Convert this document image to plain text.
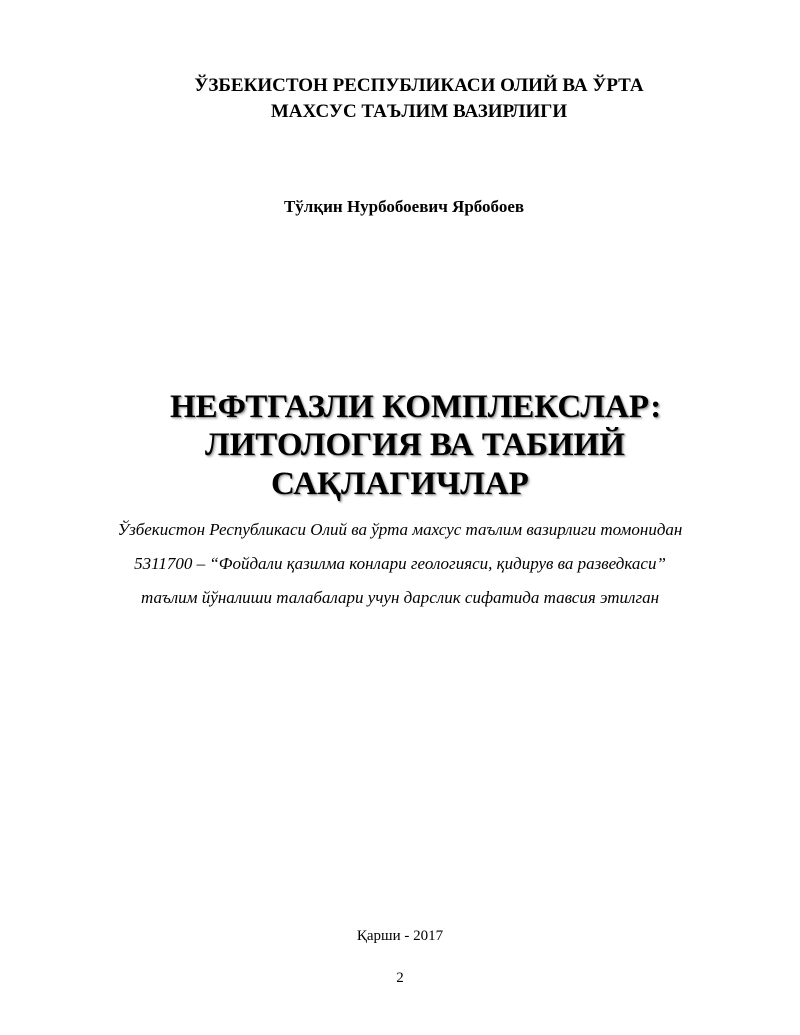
ЎЗБЕКИСТОН РЕСПУБЛИКАСИ ОЛИЙ ВА ЎРТА
МАХСУС ТАЪЛИМ ВАЗИРЛИГИ
Тўлқин Нурбобоевич Ярбобоев
НЕФТГАЗЛИ КОМПЛЕКСЛАР:
ЛИТОЛОГИЯ ВА ТАБИИЙ
САҚЛАГИЧЛАР
Ўзбекистон Республикаси Олий ва ўрта махсус таълим вазирлиги томонидан
5311700 – “Фойдали қазилма конлари геологияси, қидирув ва разведкаси”
таълим йўналиши талабалари учун дарслик сифатида тавсия этилган
Қарши - 2017
2
